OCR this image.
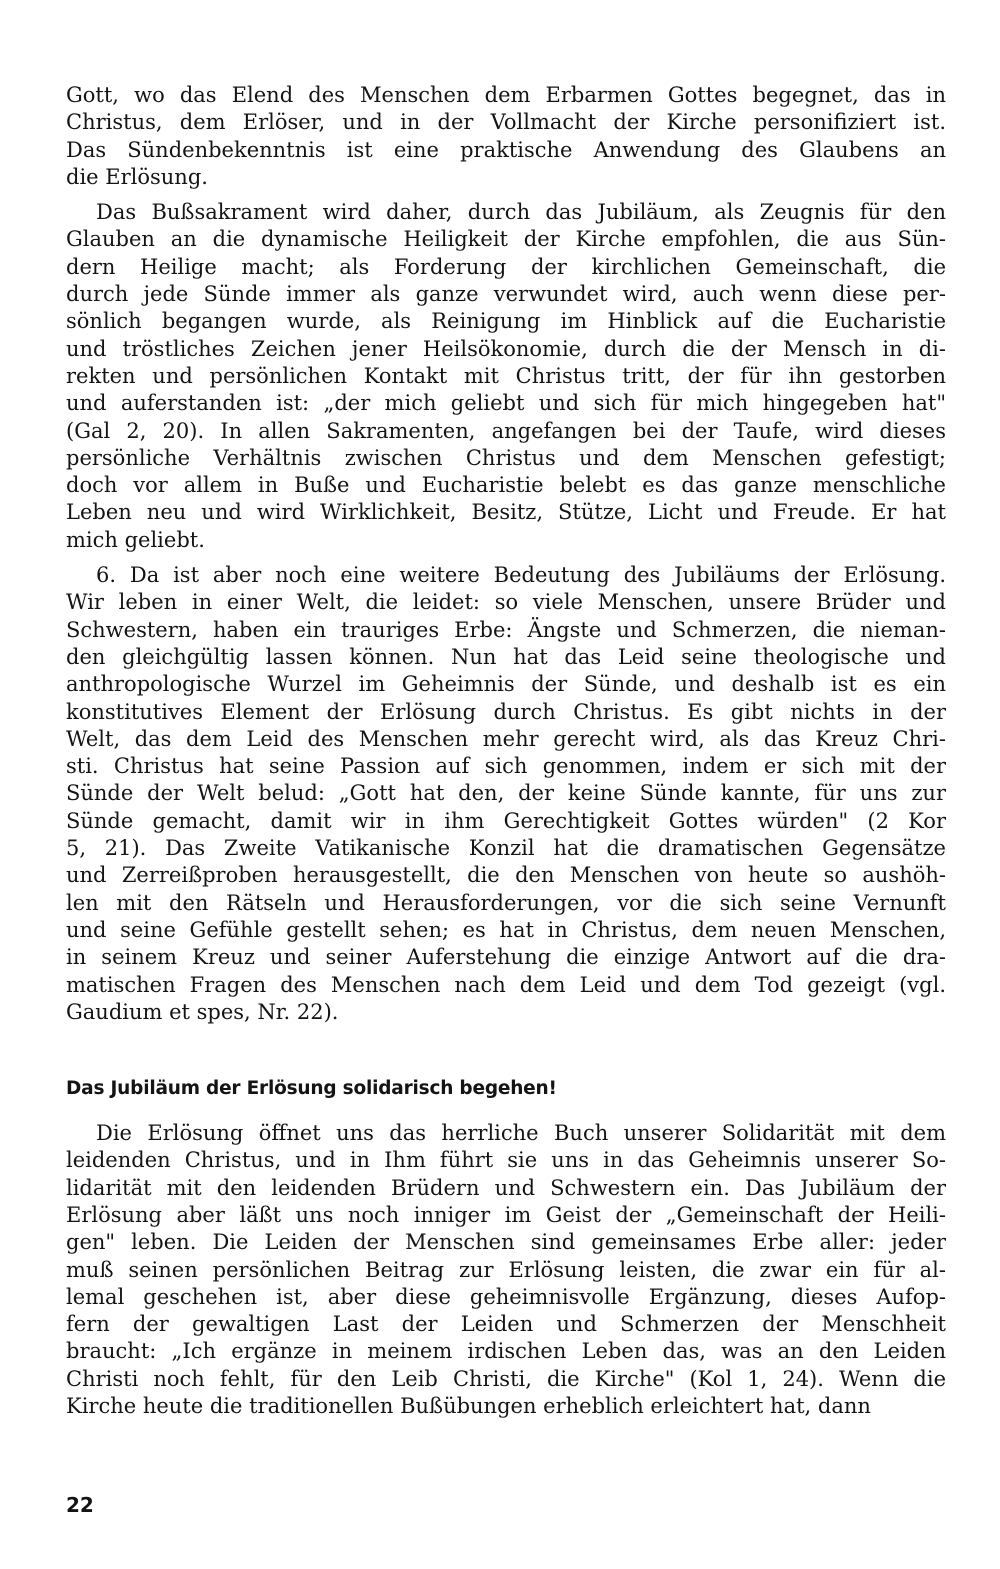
Gott, wo das Elend des Menschen dem Erbarmen Gottes begegnet, das in
Christus, dem Erlöser, und in der Vollmacht der Kirche personifiziert ist.
Das Sündenbekenntnis ist eine praktische Anwendung des Glaubens an
die Erlösung.
Das Bußsakrament wird daher, durch das Jubiläum, als Zeugnis für den
Glauben an die dynamische Heiligkeit der Kirche empfohlen, die aus Sün-
dern Heilige macht; als Forderung der kirchlichen Gemeinschaft, die
durch jede Sünde immer als ganze verwundet wird, auch wenn diese per-
sönlich begangen wurde, als Reinigung im Hinblick auf die Eucharistie
und tröstliches Zeichen jener Heilsökonomie, durch die der Mensch in di-
rekten und persönlichen Kontakt mit Christus tritt, der für ihn gestorben
und auferstanden ist: „der mich geliebt und sich für mich hingegeben hat"
(Gal 2, 20). In allen Sakramenten, angefangen bei der Taufe, wird dieses
persönliche Verhältnis zwischen Christus und dem Menschen gefestigt;
doch vor allem in Buße und Eucharistie belebt es das ganze menschliche
Leben neu und wird Wirklichkeit, Besitz, Stütze, Licht und Freude. Er hat
mich geliebt.
6. Da ist aber noch eine weitere Bedeutung des Jubiläums der Erlösung.
Wir leben in einer Welt, die leidet: so viele Menschen, unsere Brüder und
Schwestern, haben ein trauriges Erbe: Ängste und Schmerzen, die nieman-
den gleichgültig lassen können. Nun hat das Leid seine theologische und
anthropologische Wurzel im Geheimnis der Sünde, und deshalb ist es ein
konstitutives Element der Erlösung durch Christus. Es gibt nichts in der
Welt, das dem Leid des Menschen mehr gerecht wird, als das Kreuz Chri-
sti. Christus hat seine Passion auf sich genommen, indem er sich mit der
Sünde der Welt belud: „Gott hat den, der keine Sünde kannte, für uns zur
Sünde gemacht, damit wir in ihm Gerechtigkeit Gottes würden" (2 Kor
5, 21). Das Zweite Vatikanische Konzil hat die dramatischen Gegensätze
und Zerreißproben herausgestellt, die den Menschen von heute so aushöh-
len mit den Rätseln und Herausforderungen, vor die sich seine Vernunft
und seine Gefühle gestellt sehen; es hat in Christus, dem neuen Menschen,
in seinem Kreuz und seiner Auferstehung die einzige Antwort auf die dra-
matischen Fragen des Menschen nach dem Leid und dem Tod gezeigt (vgl.
Gaudium et spes, Nr. 22).
Das Jubiläum der Erlösung solidarisch begehen!
Die Erlösung öffnet uns das herrliche Buch unserer Solidarität mit dem
leidenden Christus, und in Ihm führt sie uns in das Geheimnis unserer So-
lidarität mit den leidenden Brüdern und Schwestern ein. Das Jubiläum der
Erlösung aber läßt uns noch inniger im Geist der „Gemeinschaft der Heili-
gen" leben. Die Leiden der Menschen sind gemeinsames Erbe aller: jeder
muß seinen persönlichen Beitrag zur Erlösung leisten, die zwar ein für al-
lemal geschehen ist, aber diese geheimnisvolle Ergänzung, dieses Aufop-
fern der gewaltigen Last der Leiden und Schmerzen der Menschheit
braucht: „Ich ergänze in meinem irdischen Leben das, was an den Leiden
Christi noch fehlt, für den Leib Christi, die Kirche" (Kol 1, 24). Wenn die
Kirche heute die traditionellen Bußübungen erheblich erleichtert hat, dann
22
